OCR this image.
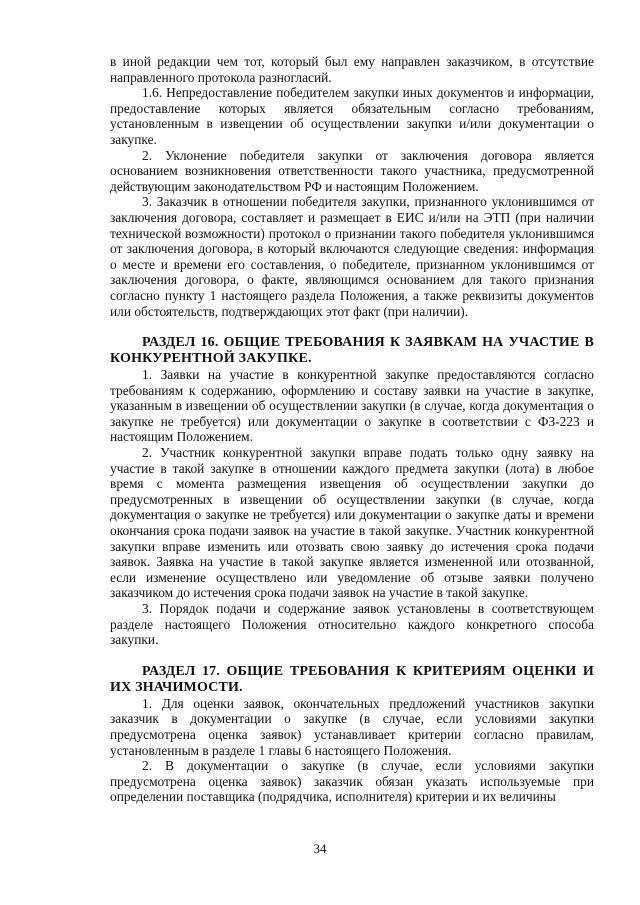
в иной редакции чем тот, который был ему направлен заказчиком, в отсутствие направленного протокола разногласий.

1.6. Непредоставление победителем закупки иных документов и информации, предоставление которых является обязательным согласно требованиям, установленным в извещении об осуществлении закупки и/или документации о закупке.

2. Уклонение победителя закупки от заключения договора является основанием возникновения ответственности такого участника, предусмотренной действующим законодательством РФ и настоящим Положением.

3. Заказчик в отношении победителя закупки, признанного уклонившимся от заключения договора, составляет и размещает в ЕИС и/или на ЭТП (при наличии технической возможности) протокол о признании такого победителя уклонившимся от заключения договора, в который включаются следующие сведения: информация о месте и времени его составления, о победителе, признанном уклонившимся от заключения договора, о факте, являющимся основанием для такого признания согласно пункту 1 настоящего раздела Положения, а также реквизиты документов или обстоятельств, подтверждающих этот факт (при наличии).

РАЗДЕЛ 16. ОБЩИЕ ТРЕБОВАНИЯ К ЗАЯВКАМ НА УЧАСТИЕ В КОНКУРЕНТНОЙ ЗАКУПКЕ.

1. Заявки на участие в конкурентной закупке предоставляются согласно требованиям к содержанию, оформлению и составу заявки на участие в закупке, указанным в извещении об осуществлении закупки (в случае, когда документация о закупке не требуется) или документации о закупке в соответствии с ФЗ-223 и настоящим Положением.

2. Участник конкурентной закупки вправе подать только одну заявку на участие в такой закупке в отношении каждого предмета закупки (лота) в любое время с момента размещения извещения об осуществлении закупки до предусмотренных в извещении об осуществлении закупки (в случае, когда документация о закупке не требуется) или документации о закупке даты и времени окончания срока подачи заявок на участие в такой закупке. Участник конкурентной закупки вправе изменить или отозвать свою заявку до истечения срока подачи заявок. Заявка на участие в такой закупке является измененной или отозванной, если изменение осуществлено или уведомление об отзыве заявки получено заказчиком до истечения срока подачи заявок на участие в такой закупке.

3. Порядок подачи и содержание заявок установлены в соответствующем разделе настоящего Положения относительно каждого конкретного способа закупки.

РАЗДЕЛ 17. ОБЩИЕ ТРЕБОВАНИЯ К КРИТЕРИЯМ ОЦЕНКИ И ИХ ЗНАЧИМОСТИ.

1. Для оценки заявок, окончательных предложений участников закупки заказчик в документации о закупке (в случае, если условиями закупки предусмотрена оценка заявок) устанавливает критерии согласно правилам, установленным в разделе 1 главы 6 настоящего Положения.

2. В документации о закупке (в случае, если условиями закупки предусмотрена оценка заявок) заказчик обязан указать используемые при определении поставщика (подрядчика, исполнителя) критерии и их величины

34
